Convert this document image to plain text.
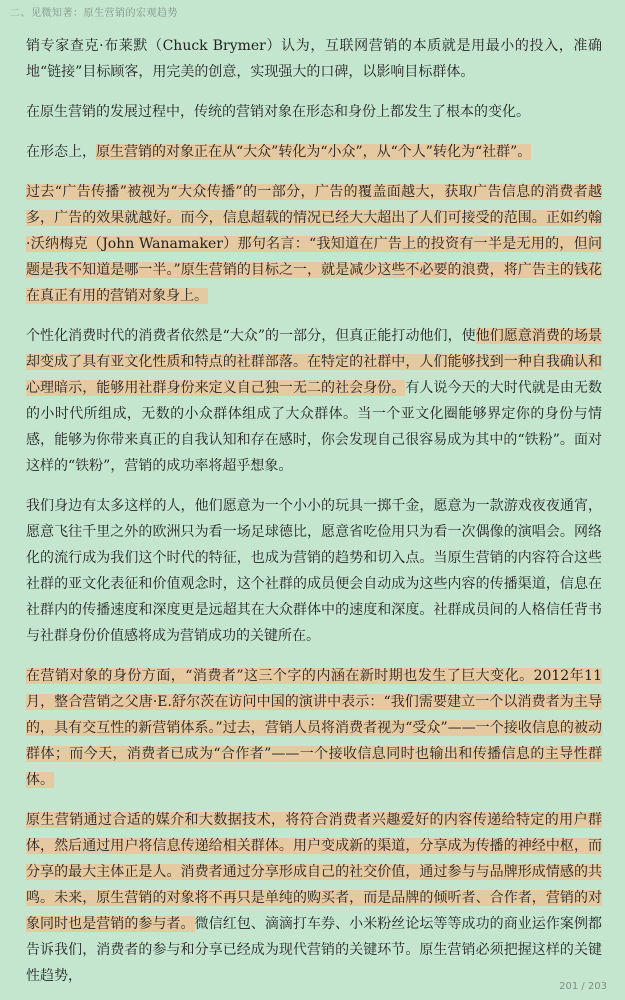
二、见微知著：原生营销的宏观趋势

销专家查克·布莱默（Chuck Brymer）认为，互联网营销的本质就是用最小的投入，准确地“链接”目标顾客，用完美的创意，实现强大的口碑，以影响目标群体。

在原生营销的发展过程中，传统的营销对象在形态和身份上都发生了根本的变化。

在形态上，原生营销的对象正在从“大众”转化为“小众”，从“个人”转化为“社群”。

过去“广告传播”被视为“大众传播”的一部分，广告的覆盖面越大，获取广告信息的消费者越多，广告的效果就越好。而今，信息超载的情况已经大大超出了人们可接受的范围。正如约翰·沃纳梅克（John Wanamaker）那句名言：“我知道在广告上的投资有一半是无用的，但问题是我不知道是哪一半。”原生营销的目标之一，就是减少这些不必要的浪费，将广告主的钱花在真正有用的营销对象身上。

个性化消费时代的消费者依然是“大众”的一部分，但真正能打动他们，使他们愿意消费的场景却变成了具有亚文化性质和特点的社群部落。在特定的社群中，人们能够找到一种自我确认和心理暗示，能够用社群身份来定义自己独一无二的社会身份。有人说今天的大时代就是由无数的小时代所组成，无数的小众群体组成了大众群体。当一个亚文化圈能够界定你的身份与情感，能够为你带来真正的自我认知和存在感时，你会发现自己很容易成为其中的“铁粉”。面对这样的“铁粉”，营销的成功率将超乎想象。

我们身边有太多这样的人，他们愿意为一个小小的玩具一掷千金，愿意为一款游戏夜夜通宵，愿意飞往千里之外的欧洲只为看一场足球德比，愿意省吃俭用只为看一次偶像的演唱会。网络化的流行成为我们这个时代的特征，也成为营销的趋势和切入点。当原生营销的内容符合这些社群的亚文化表征和价值观念时，这个社群的成员便会自动成为这些内容的传播渠道，信息在社群内的传播速度和深度更是远超其在大众群体中的速度和深度。社群成员间的人格信任背书与社群身份价值感将成为营销成功的关键所在。

在营销对象的身份方面，“消费者”这三个字的内涵在新时期也发生了巨大变化。2012年11月，整合营销之父唐·E.舒尔茨在访问中国的演讲中表示：“我们需要建立一个以消费者为主导的，具有交互性的新营销体系。”过去，营销人员将消费者视为“受众”——一个接收信息的被动群体；而今天，消费者已成为“合作者”——一个接收信息同时也输出和传播信息的主导性群体。

原生营销通过合适的媒介和大数据技术，将符合消费者兴趣爱好的内容传递给特定的用户群体，然后通过用户将信息传递给相关群体。用户变成新的渠道，分享成为传播的神经中枢，而分享的最大主体正是人。消费者通过分享形成自己的社交价值，通过参与与品牌形成情感的共鸣。未来，原生营销的对象将不再只是单纯的购买者，而是品牌的倾听者、合作者，营销的对象同时也是营销的参与者。微信红包、滴滴打车券、小米粉丝论坛等等成功的商业运作案例都告诉我们，消费者的参与和分享已经成为现代营销的关键环节。原生营销必须把握这样的关键性趋势，

201 / 203
